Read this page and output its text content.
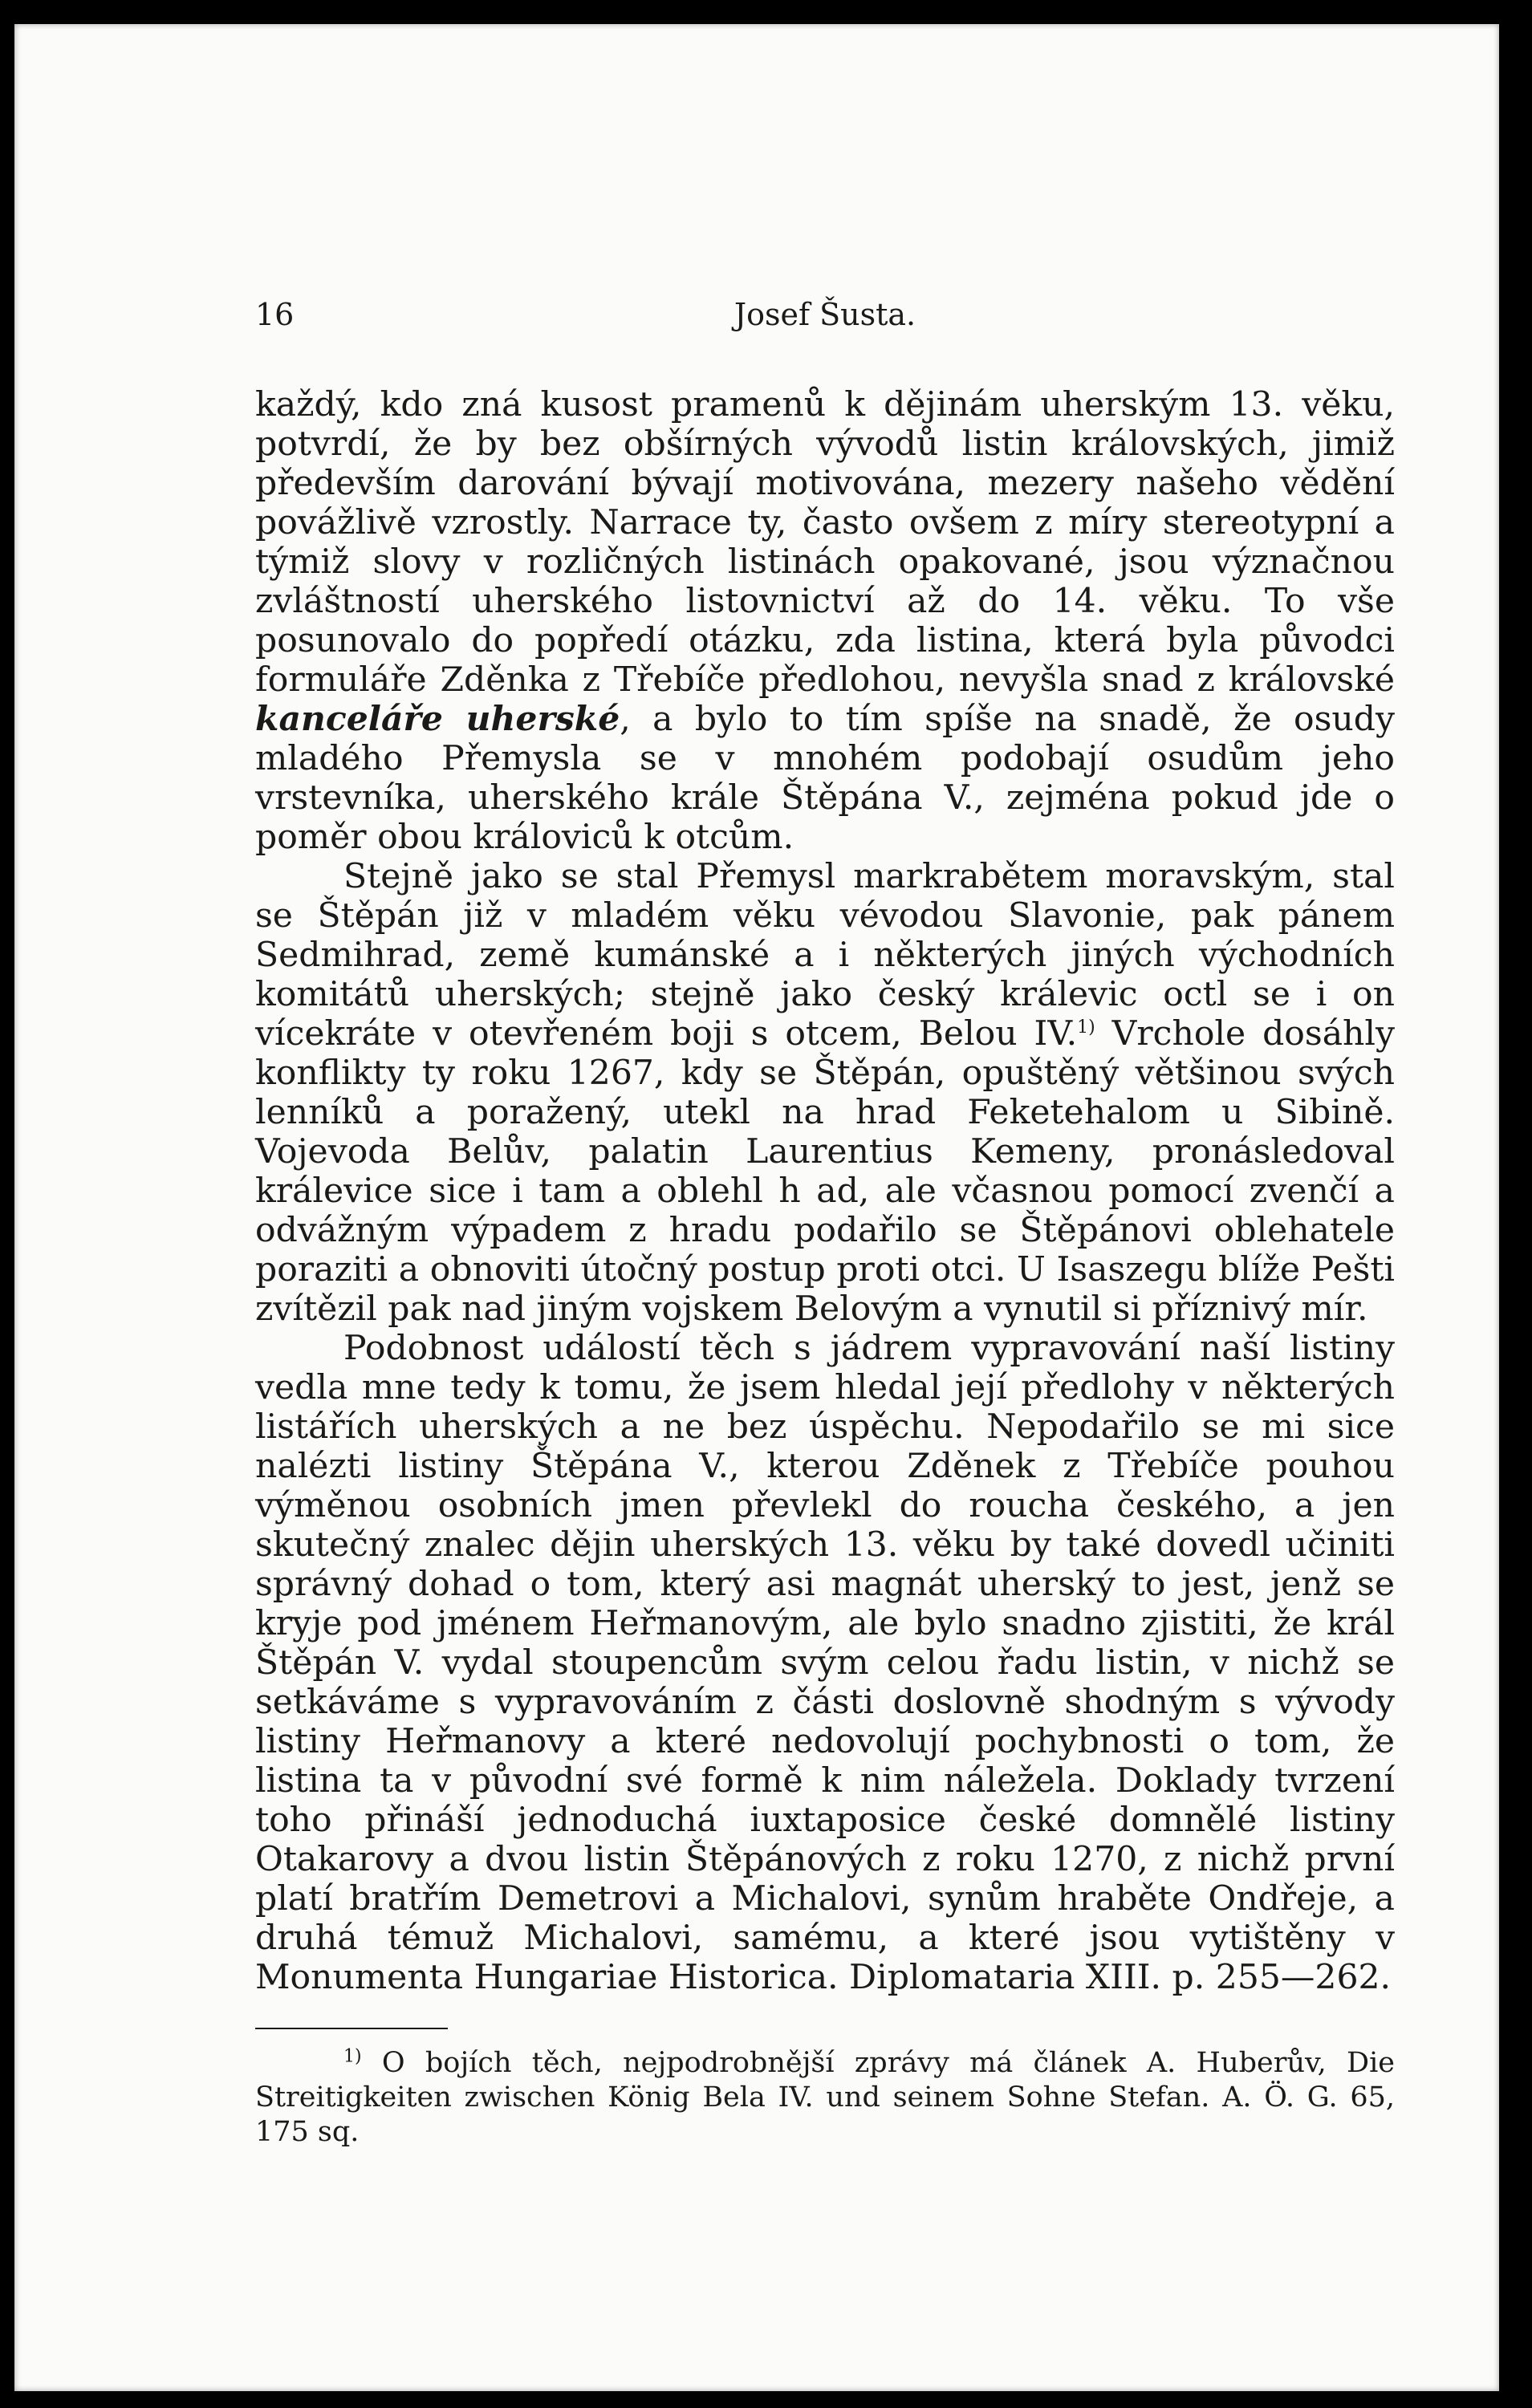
16	Josef Šusta.

každý, kdo zná kusost pramenů k dějinám uherským 13. věku, potvrdí, že by bez obšírných vývodů listin královských, jimiž především darování bývají motivována, mezery našeho vědění povážlivě vzrostly. Narrace ty, často ovšem z míry stereotypní a týmiž slovy v rozličných listinách opakované, jsou význačnou zvláštností uherského listovnictví až do 14. věku. To vše posunovalo do popředí otázku, zda listina, která byla původci formuláře Zděnka z Třebíče předlohou, nevyšla snad z královské kanceláře uherské, a bylo to tím spíše na snadě, že osudy mladého Přemysla se v mnohém podobají osudům jeho vrstevníka, uherského krále Štěpána V., zejména pokud jde o poměr obou královiců k otcům.

Stejně jako se stal Přemysl markrabětem moravským, stal se Štěpán již v mladém věku vévodou Slavonie, pak pánem Sedmihrad, země kumánské a i některých jiných východních komitátů uherských; stejně jako český králevic octl se i on vícekráte v otevřeném boji s otcem, Belou IV.$^{1)}$ Vrchole dosáhly konflikty ty roku 1267, kdy se Štěpán, opuštěný většinou svých lenníků a poražený, utekl na hrad Feketehalom u Sibině. Vojevoda Belův, palatin Laurentius Kemeny, pronásledoval králevice sice i tam a oblehl h ad, ale včasnou pomocí zvenčí a odvážným výpadem z hradu podařilo se Štěpánovi oblehatele poraziti a obnoviti útočný postup proti otci. U Isaszegu blíže Pešti zvítězil pak nad jiným vojskem Belovým a vynutil si příznivý mír.

Podobnost událostí těch s jádrem vypravování naší listiny vedla mne tedy k tomu, že jsem hledal její předlohy v některých listářích uherských a ne bez úspěchu. Nepodařilo se mi sice nalézti listiny Štěpána V., kterou Zděnek z Třebíče pouhou výměnou osobních jmen převlekl do roucha českého, a jen skutečný znalec dějin uherských 13. věku by také dovedl učiniti správný dohad o tom, který asi magnát uherský to jest, jenž se kryje pod jménem Heřmanovým, ale bylo snadno zjistiti, že král Štěpán V. vydal stoupencům svým celou řadu listin, v nichž se setkáváme s vypravováním z části doslovně shodným s vývody listiny Heřmanovy a které nedovolují pochybnosti o tom, že listina ta v původní své formě k nim náležela. Doklady tvrzení toho přináší jednoduchá iuxtaposice české domnělé listiny Otakarovy a dvou listin Štěpánových z roku 1270, z nichž první platí bratřím Demetrovi a Michalovi, synům hraběte Ondřeje, a druhá témuž Michalovi, samému, a které jsou vytištěny v Monumenta Hungariae Historica. Diplomataria XIII. p. 255—262.

$^{1)}$ O bojích těch, nejpodrobnější zprávy má článek A. Huberův, Die Streitigkeiten zwischen König Bela IV. und seinem Sohne Stefan. A. Ö. G. 65, 175 sq.
